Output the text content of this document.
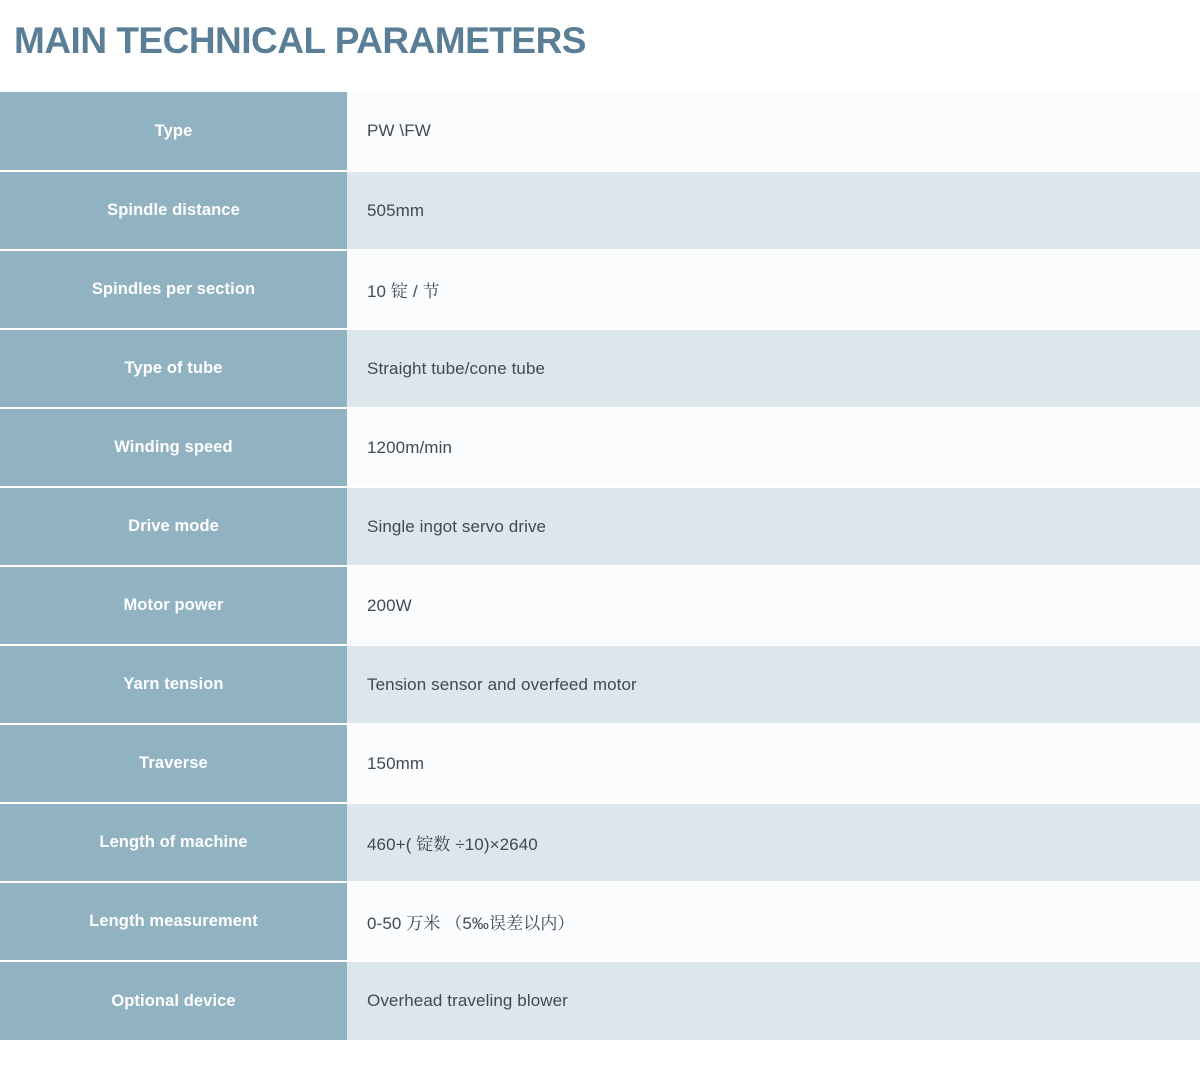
MAIN TECHNICAL PARAMETERS
Type	PW \FW
Spindle distance	505mm
Spindles per section	10 锭 / 节
Type of tube	Straight tube/cone tube
Winding speed	1200m/min
Drive mode	Single ingot servo drive
Motor power	200W
Yarn tension	Tension sensor and overfeed motor
Traverse	150mm
Length of machine	460+( 锭数 ÷10)×2640
Length measurement	0-50 万米 （5‰误差以内）
Optional device	Overhead traveling blower
